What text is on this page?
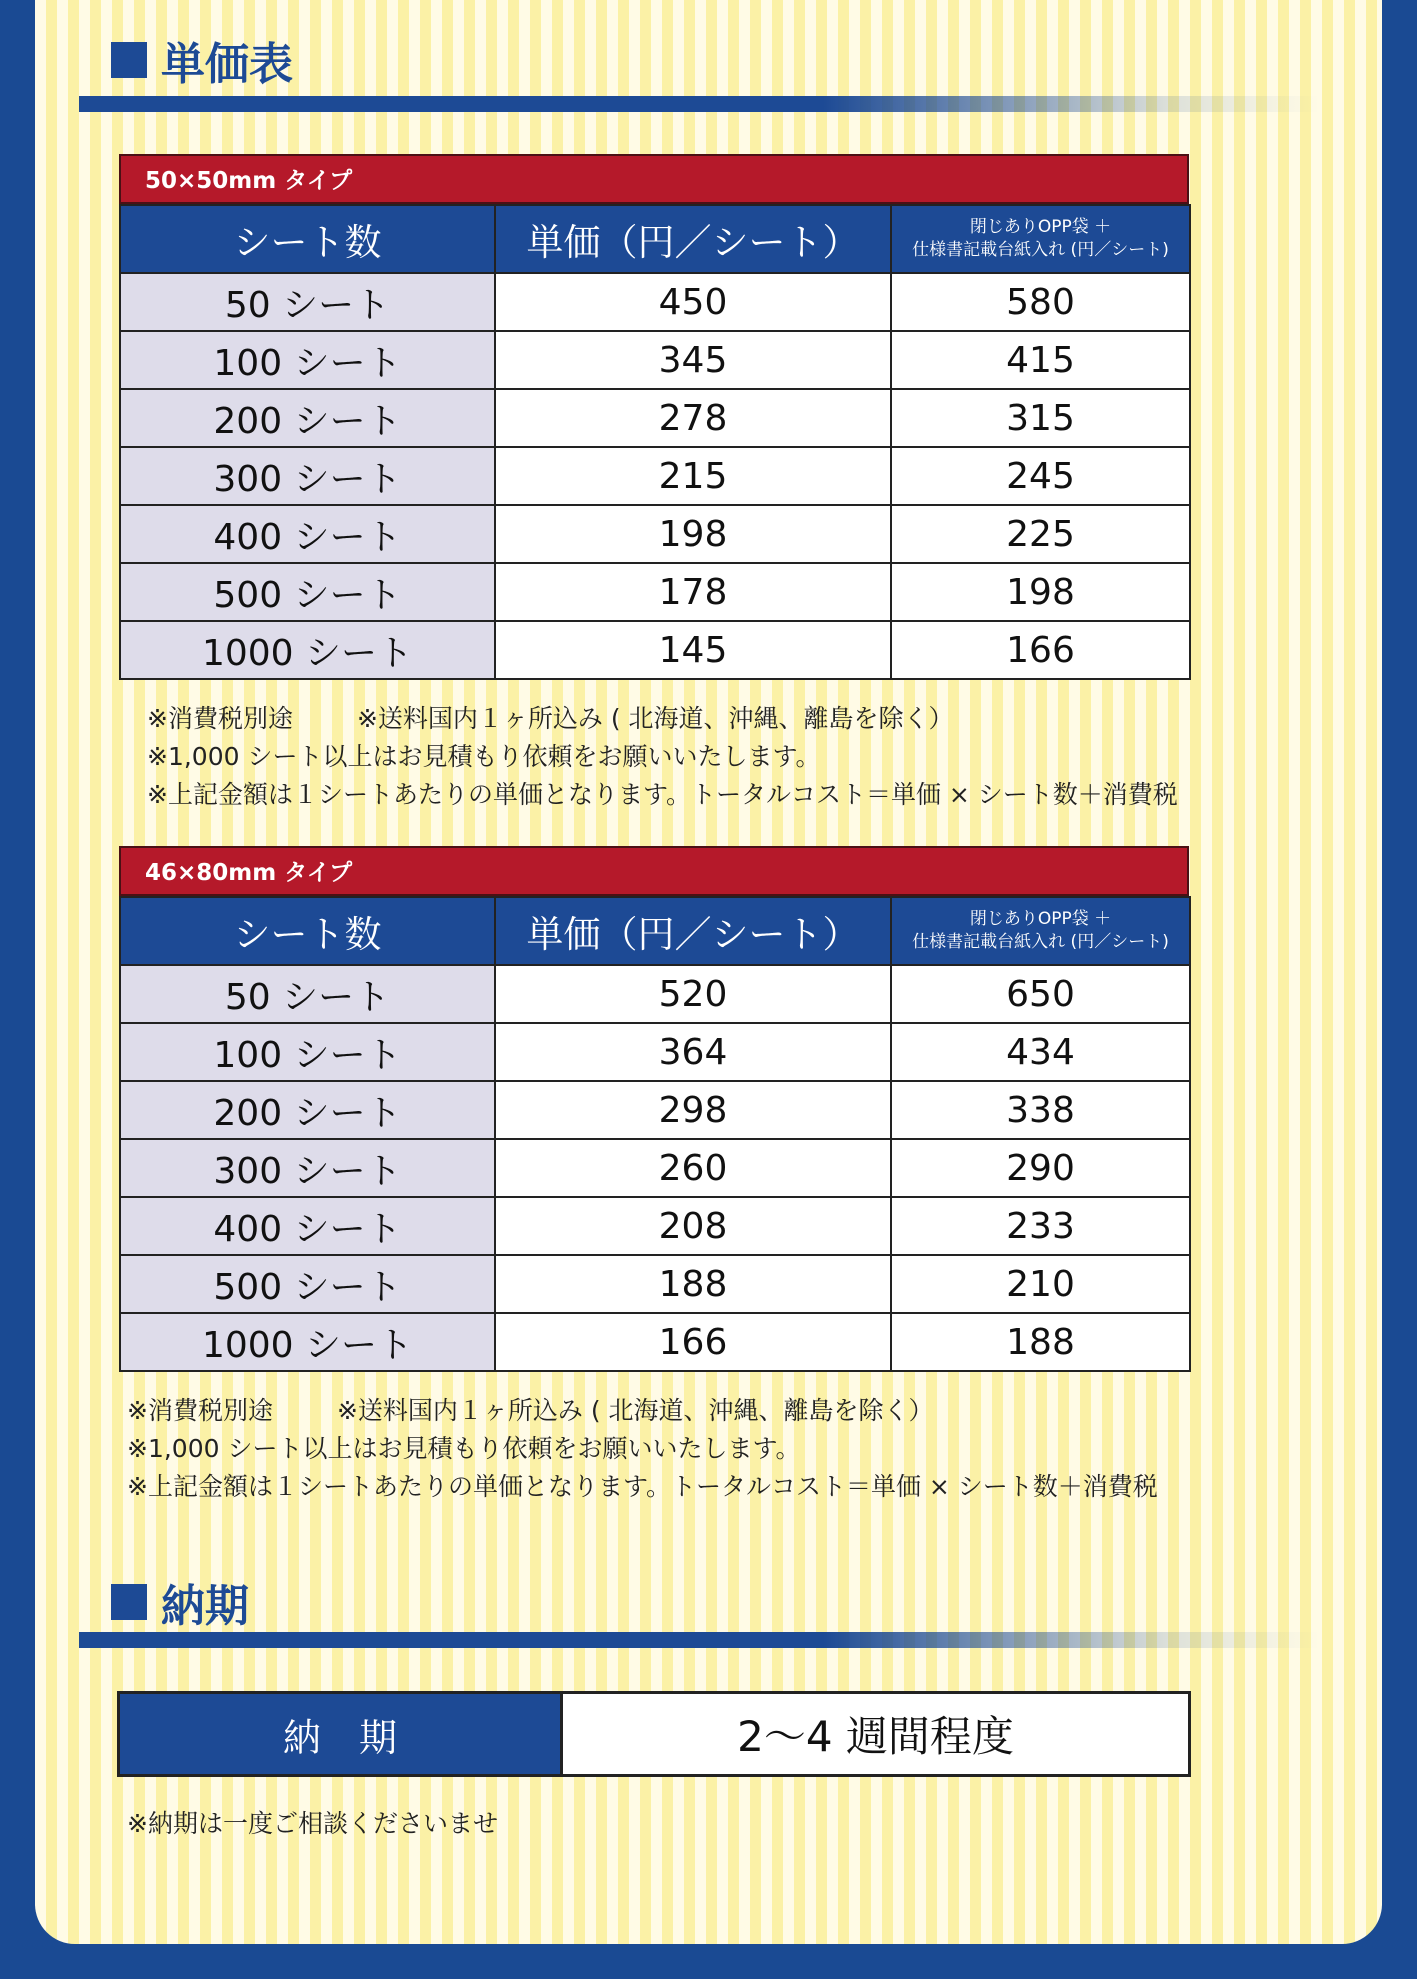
単価表
50×50mm タイプ
シート数	単価（円／シート）	閉じありOPP袋 ＋
仕様書記載台紙入れ (円／シート)

50 シート	450	580
100 シート	345	415
200 シート	278	315
300 シート	215	245
400 シート	198	225
500 シート	178	198
1000 シート	145	166
※消費税別途	※送料国内１ヶ所込み ( 北海道、沖縄、離島を除く）
※1,000 シート以上はお見積もり依頼をお願いいたします。
※上記金額は１シートあたりの単価となります。トータルコスト＝単価 × シート数＋消費税
46×80mm タイプ
シート数	単価（円／シート）	閉じありOPP袋 ＋
仕様書記載台紙入れ (円／シート)

50 シート	520	650
100 シート	364	434
200 シート	298	338
300 シート	260	290
400 シート	208	233
500 シート	188	210
1000 シート	166	188
※消費税別途	※送料国内１ヶ所込み ( 北海道、沖縄、離島を除く）
※1,000 シート以上はお見積もり依頼をお願いいたします。
※上記金額は１シートあたりの単価となります。トータルコスト＝単価 × シート数＋消費税
納期
納　期	2〜4 週間程度
※納期は一度ご相談くださいませ
